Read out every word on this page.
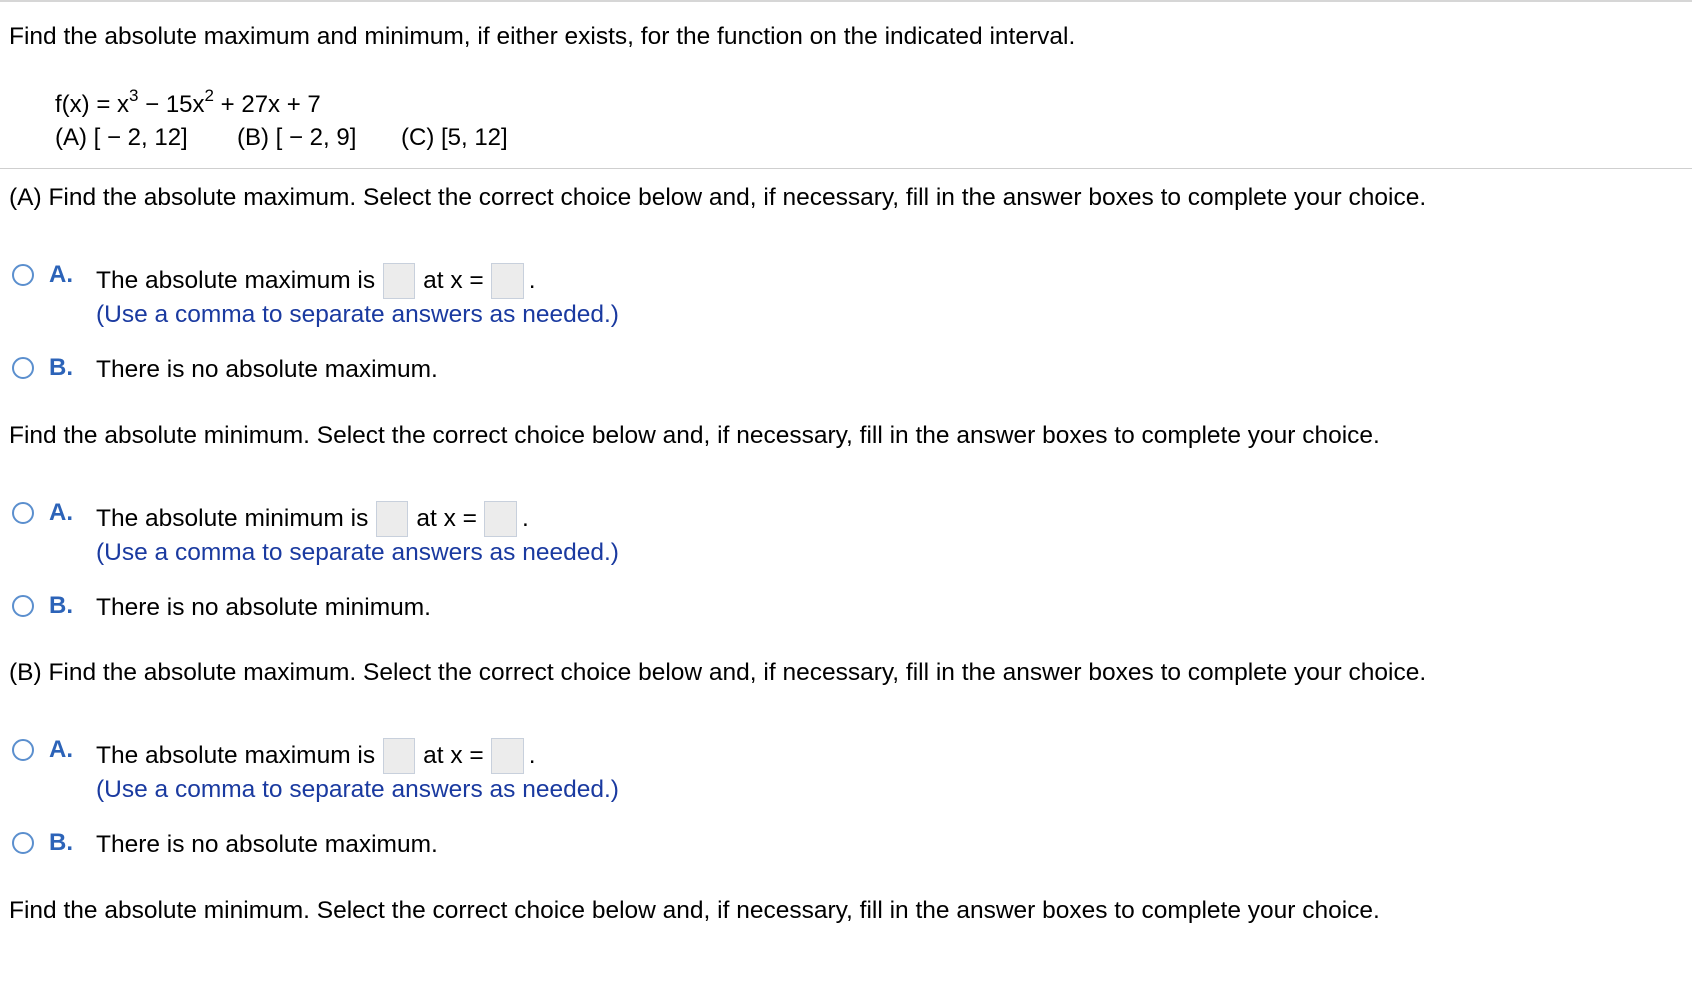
Find the absolute maximum and minimum, if either exists, for the function on the indicated interval.
$f(x) = x^3 - 15x^2 + 27x + 7$
(A) [ − 2, 12] (B) [ − 2, 9] (C) [5, 12]
(A) Find the absolute maximum. Select the correct choice below and, if necessary, fill in the answer boxes to complete your choice.
A. The absolute maximum is at x = .
(Use a comma to separate answers as needed.)
B. There is no absolute maximum.
Find the absolute minimum. Select the correct choice below and, if necessary, fill in the answer boxes to complete your choice.
A. The absolute minimum is at x = .
(Use a comma to separate answers as needed.)
B. There is no absolute minimum.
(B) Find the absolute maximum. Select the correct choice below and, if necessary, fill in the answer boxes to complete your choice.
A. The absolute maximum is at x = .
(Use a comma to separate answers as needed.)
B. There is no absolute maximum.
Find the absolute minimum. Select the correct choice below and, if necessary, fill in the answer boxes to complete your choice.
